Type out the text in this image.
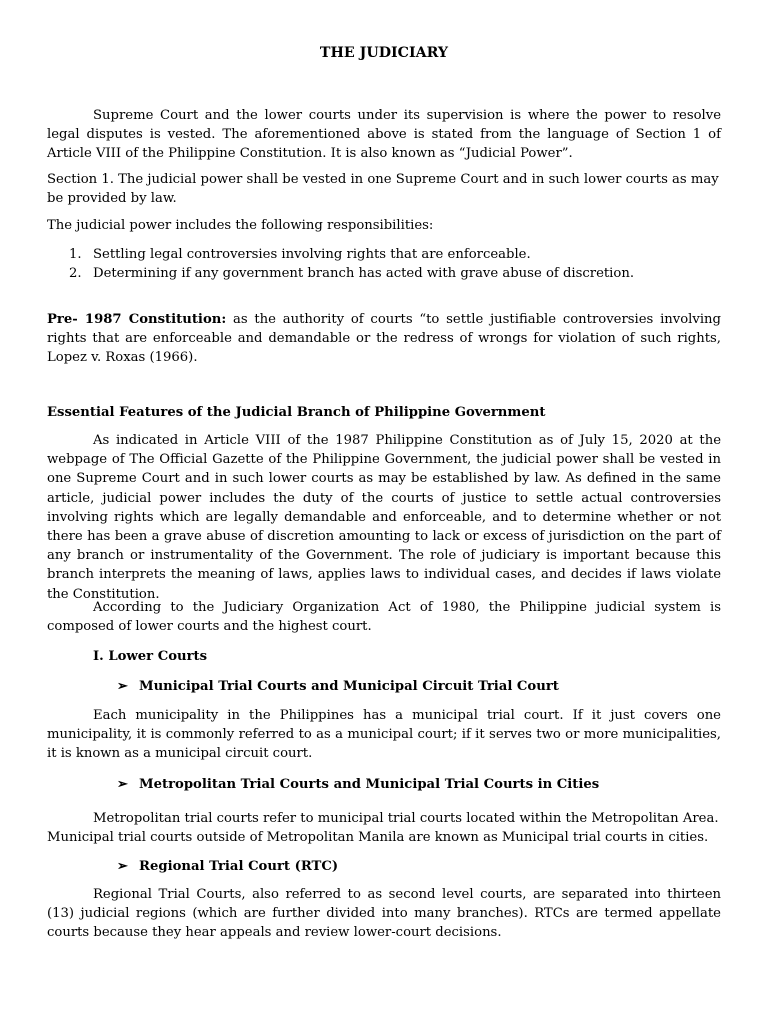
THE JUDICIARY

Supreme Court and the lower courts under its supervision is where the power to resolve legal disputes is vested. The aforementioned above is stated from the language of Section 1 of Article VIII of the Philippine Constitution. It is also known as “Judicial Power”.

Section 1. The judicial power shall be vested in one Supreme Court and in such lower courts as may be provided by law.

The judicial power includes the following responsibilities:

1. Settling legal controversies involving rights that are enforceable.
2. Determining if any government branch has acted with grave abuse of discretion.

Pre- 1987 Constitution: as the authority of courts “to settle justifiable controversies involving rights that are enforceable and demandable or the redress of wrongs for violation of such rights, Lopez v. Roxas (1966).

Essential Features of the Judicial Branch of Philippine Government

As indicated in Article VIII of the 1987 Philippine Constitution as of July 15, 2020 at the webpage of The Official Gazette of the Philippine Government, the judicial power shall be vested in one Supreme Court and in such lower courts as may be established by law. As defined in the same article, judicial power includes the duty of the courts of justice to settle actual controversies involving rights which are legally demandable and enforceable, and to determine whether or not there has been a grave abuse of discretion amounting to lack or excess of jurisdiction on the part of any branch or instrumentality of the Government. The role of judiciary is important because this branch interprets the meaning of laws, applies laws to individual cases, and decides if laws violate the Constitution.

According to the Judiciary Organization Act of 1980, the Philippine judicial system is composed of lower courts and the highest court.

I. Lower Courts

➢ Municipal Trial Courts and Municipal Circuit Trial Court

Each municipality in the Philippines has a municipal trial court. If it just covers one municipality, it is commonly referred to as a municipal court; if it serves two or more municipalities, it is known as a municipal circuit court.

➢ Metropolitan Trial Courts and Municipal Trial Courts in Cities

Metropolitan trial courts refer to municipal trial courts located within the Metropolitan Area.

Municipal trial courts outside of Metropolitan Manila are known as Municipal trial courts in cities.

➢ Regional Trial Court (RTC)

Regional Trial Courts, also referred to as second level courts, are separated into thirteen (13) judicial regions (which are further divided into many branches). RTCs are termed appellate courts because they hear appeals and review lower-court decisions.
